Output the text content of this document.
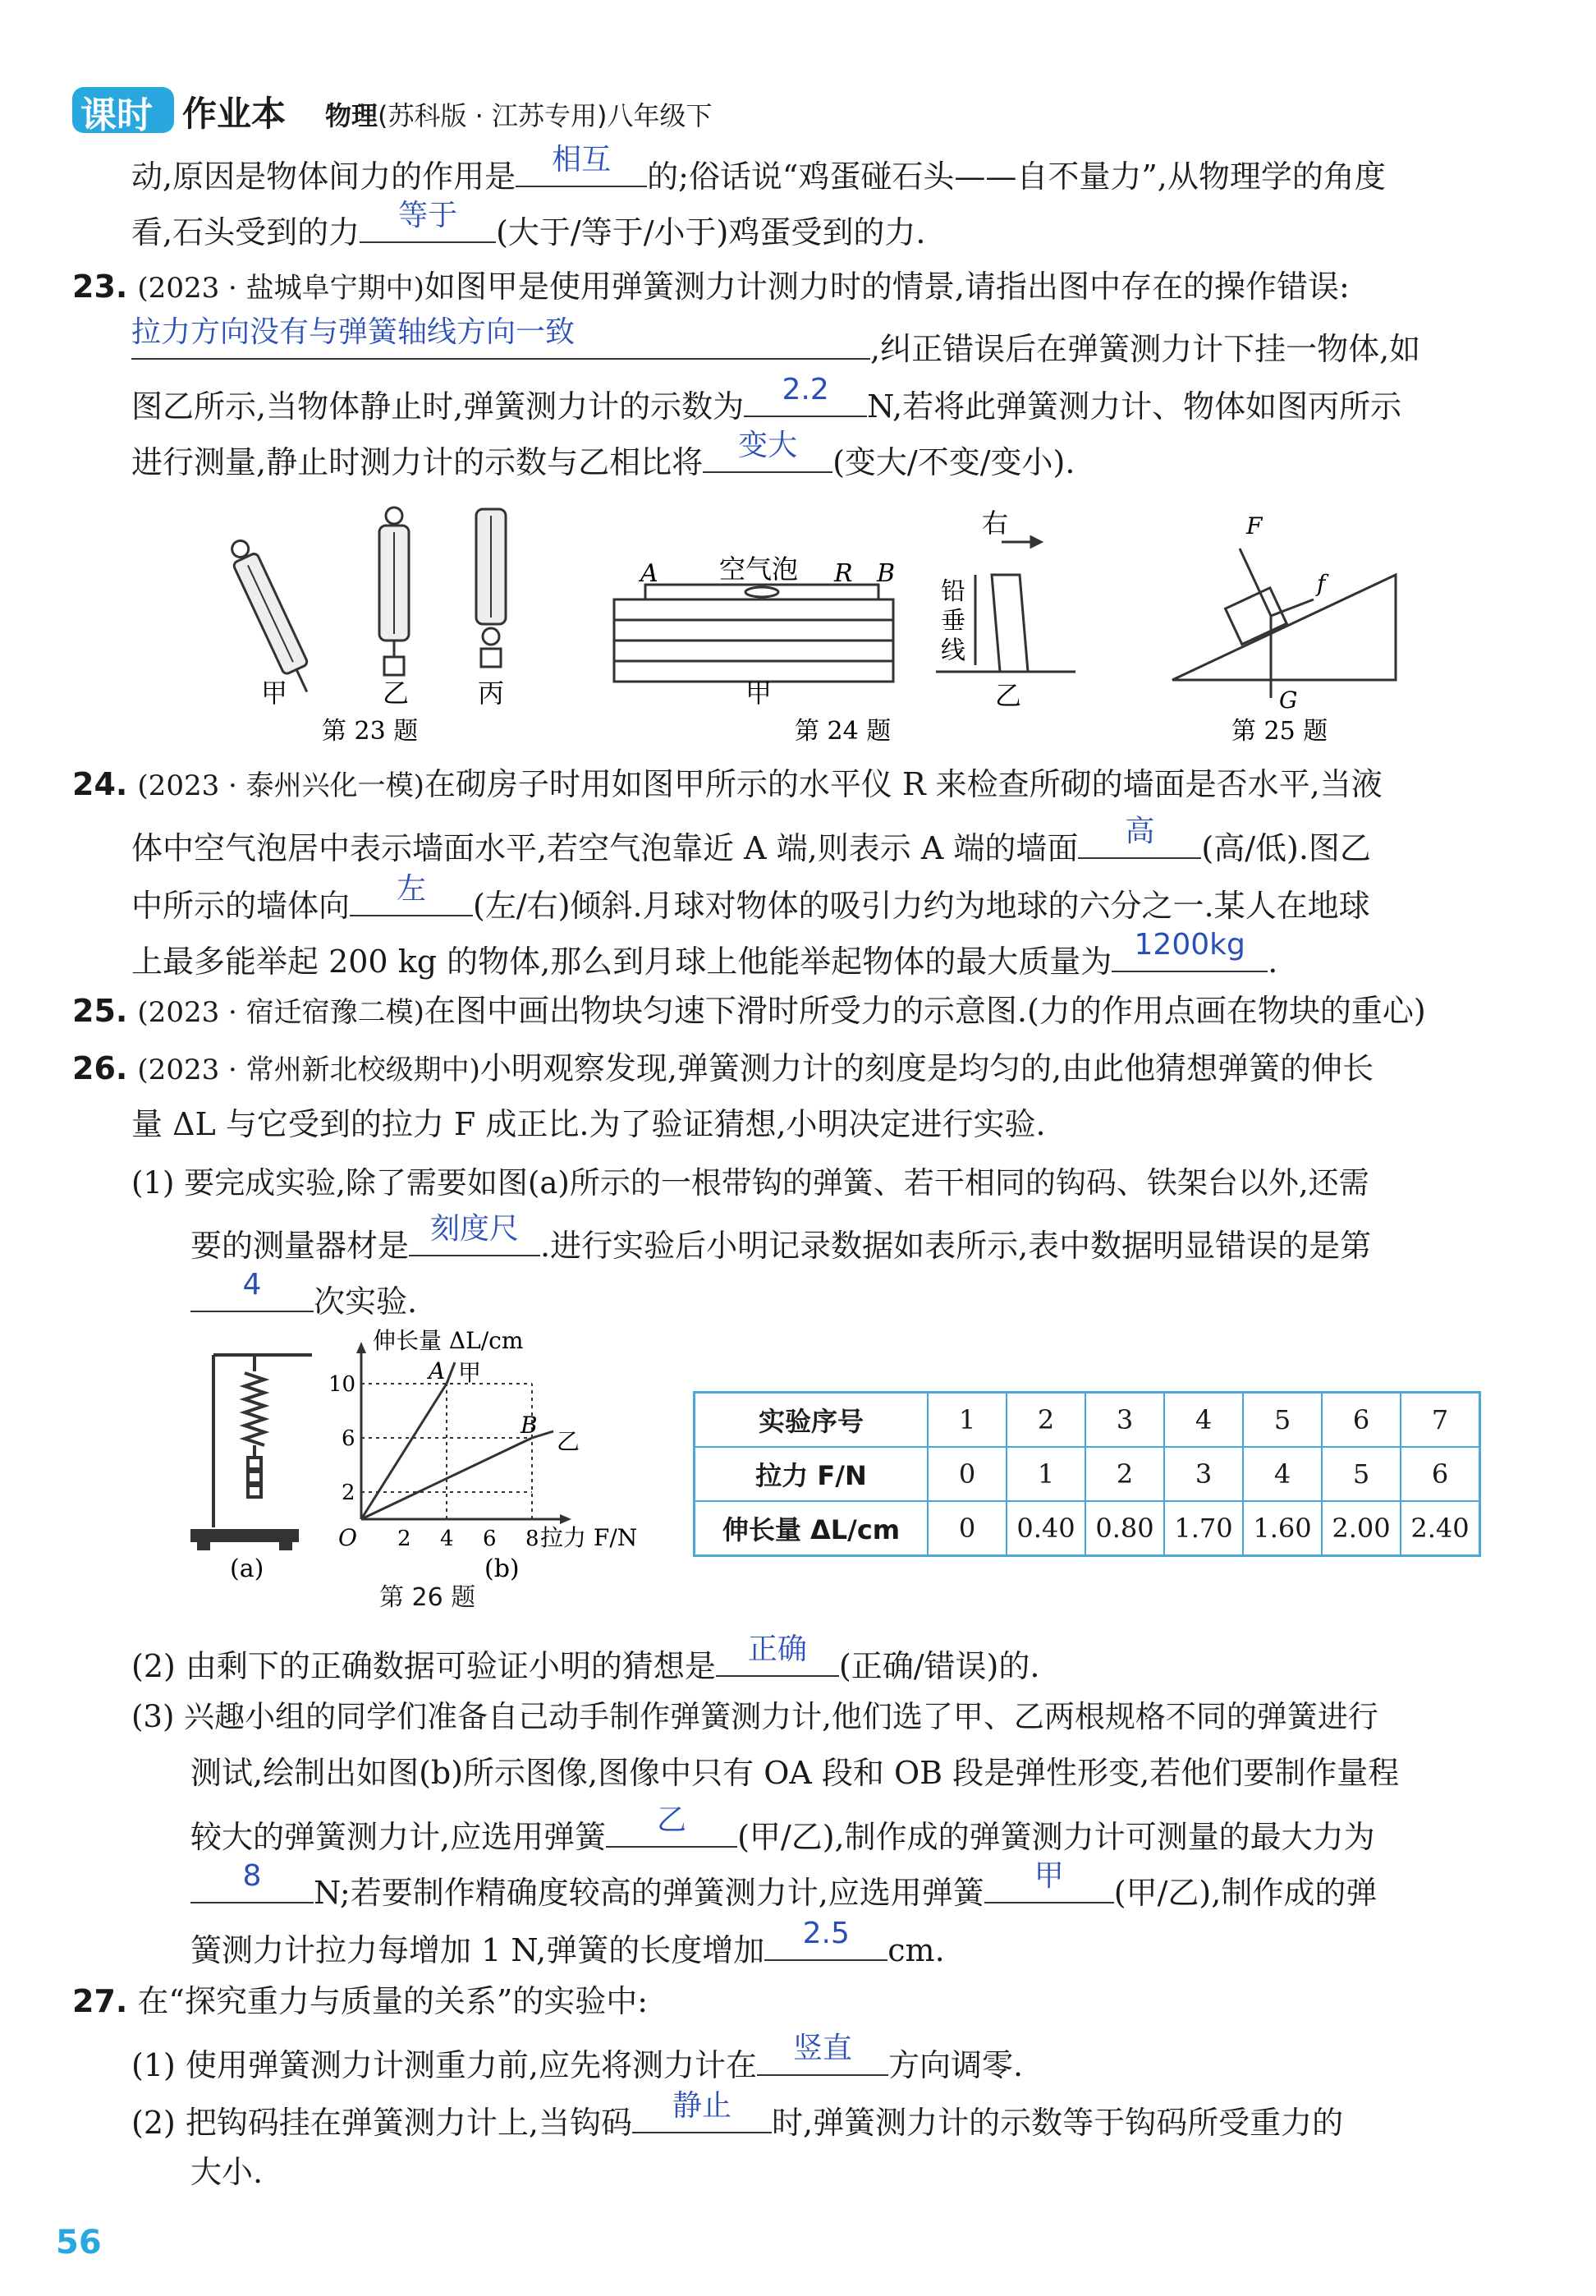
课时 作业本 物理 (苏科版 · 江苏专用)八年级下
动,原因是物体间力的作用是	相互	的;俗话说“鸡蛋碰石头——自不量力”,从物理学的角度
看,石头受到的力	等于	(大于/等于/小于)鸡蛋受到的力.
23. (2023 · 盐城阜宁期中)如图甲是使用弹簧测力计测力时的情景,请指出图中存在的操作错误:
拉力方向没有与弹簧轴线方向一致	,纠正错误后在弹簧测力计下挂一物体,如
图乙所示,当物体静止时,弹簧测力计的示数为	2.2	N,若将此弹簧测力计、物体如图丙所示
进行测量,静止时测力计的示数与乙相比将	变大	(变大/不变/变小).
甲	乙	丙
第 23 题
A 空气泡 R B
甲
右
铅
垂
线
乙
第 24 题
F
f
G
第 25 题
24. (2023 · 泰州兴化一模)在砌房子时用如图甲所示的水平仪 R 来检查所砌的墙面是否水平,当液
体中空气泡居中表示墙面水平,若空气泡靠近 A 端,则表示 A 端的墙面	高	(高/低).图乙
中所示的墙体向	左	(左/右)倾斜.月球对物体的吸引力约为地球的六分之一.某人在地球
上最多能举起 200 kg 的物体,那么到月球上他能举起物体的最大质量为 1200kg .
25. (2023 · 宿迁宿豫二模)在图中画出物块匀速下滑时所受力的示意图.(力的作用点画在物块的重心)
26. (2023 · 常州新北校级期中)小明观察发现,弹簧测力计的刻度是均匀的,由此他猜想弹簧的伸长
量 ΔL 与它受到的拉力 F 成正比.为了验证猜想,小明决定进行实验.
(1) 要完成实验,除了需要如图(a)所示的一根带钩的弹簧、若干相同的钩码、铁架台以外,还需
要的测量器材是 刻度尺 .进行实验后小明记录数据如表所示,表中数据明显错误的是第
4	次实验.
(a)
伸长量 ΔL/cm
拉力 F/N
O 2 4 6 8
2
6
10	A 甲
B
乙
(b)
第 26 题
实验序号	1	2	3	4	5	6	7
拉力 F/N	0	1	2	3	4	5	6
伸长量 ΔL/cm	0	0.40	0.80	1.70	1.60	2.00	2.40
(2) 由剩下的正确数据可验证小明的猜想是	正确	(正确/错误)的.
(3) 兴趣小组的同学们准备自己动手制作弹簧测力计,他们选了甲、乙两根规格不同的弹簧进行
测试,绘制出如图(b)所示图像,图像中只有 OA 段和 OB 段是弹性形变,若他们要制作量程
较大的弹簧测力计,应选用弹簧	乙	(甲/乙),制作成的弹簧测力计可测量的最大力为
8	N;若要制作精确度较高的弹簧测力计,应选用弹簧	甲	(甲/乙),制作成的弹
簧测力计拉力每增加 1 N,弹簧的长度增加	2.5	cm.
27. 在“探究重力与质量的关系”的实验中:
(1) 使用弹簧测力计测重力前,应先将测力计在	竖直	方向调零.
(2) 把钩码挂在弹簧测力计上,当钩码	静止	时,弹簧测力计的示数等于钩码所受重力的
大小.
56
